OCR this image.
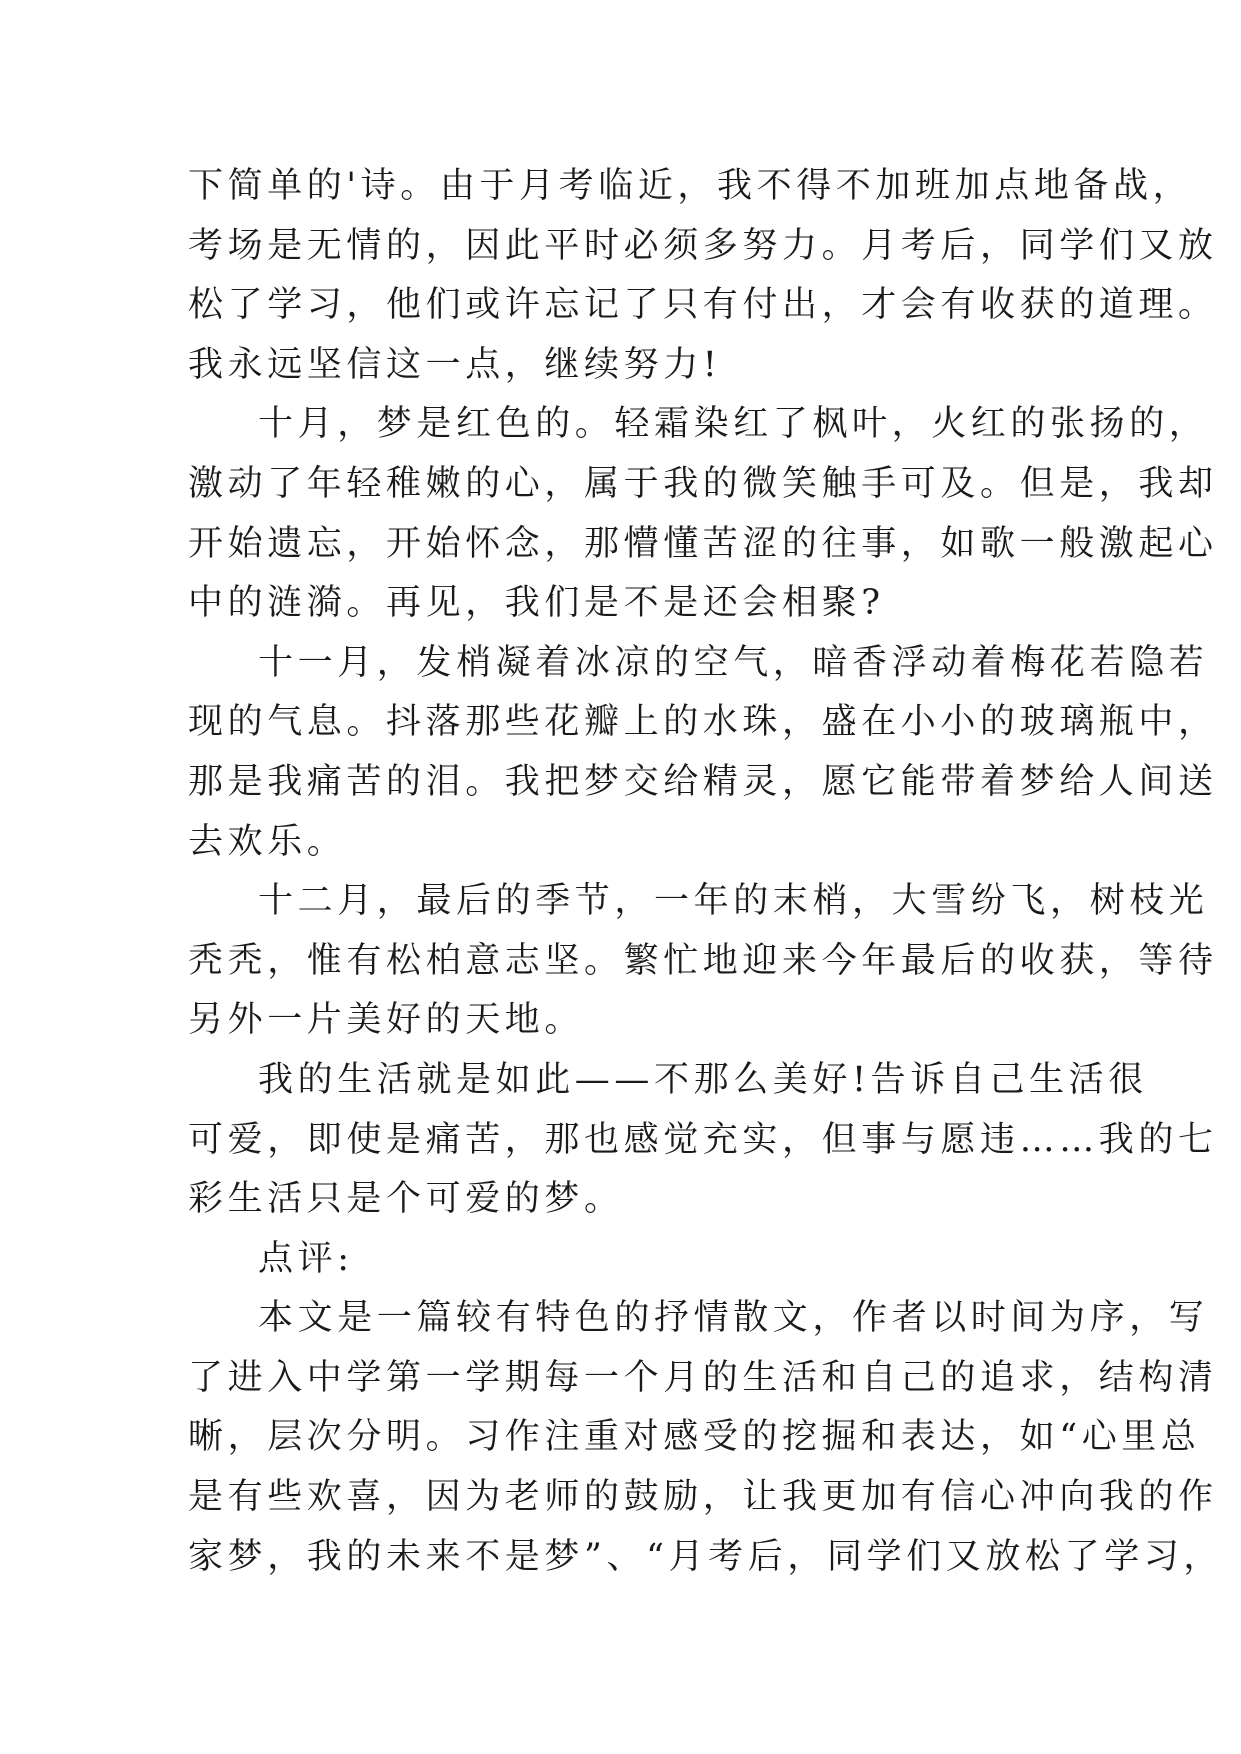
下简单的'诗。由于月考临近，我不得不加班加点地备战，
考场是无情的，因此平时必须多努力。月考后，同学们又放
松了学习，他们或许忘记了只有付出，才会有收获的道理。
我永远坚信这一点，继续努力!
十月，梦是红色的。轻霜染红了枫叶，火红的张扬的，
激动了年轻稚嫩的心，属于我的微笑触手可及。但是，我却
开始遗忘，开始怀念，那懵懂苦涩的往事，如歌一般激起心
中的涟漪。再见，我们是不是还会相聚?
十一月，发梢凝着冰凉的空气，暗香浮动着梅花若隐若
现的气息。抖落那些花瓣上的水珠，盛在小小的玻璃瓶中，
那是我痛苦的泪。我把梦交给精灵，愿它能带着梦给人间送
去欢乐。
十二月，最后的季节，一年的末梢，大雪纷飞，树枝光
秃秃，惟有松柏意志坚。繁忙地迎来今年最后的收获，等待
另外一片美好的天地。
我的生活就是如此——不那么美好!告诉自己生活很
可爱，即使是痛苦，那也感觉充实，但事与愿违……我的七
彩生活只是个可爱的梦。
点评:
本文是一篇较有特色的抒情散文，作者以时间为序，写
了进入中学第一学期每一个月的生活和自己的追求，结构清
晰，层次分明。习作注重对感受的挖掘和表达，如“心里总
是有些欢喜，因为老师的鼓励，让我更加有信心冲向我的作
家梦，我的未来不是梦”、“月考后，同学们又放松了学习，
